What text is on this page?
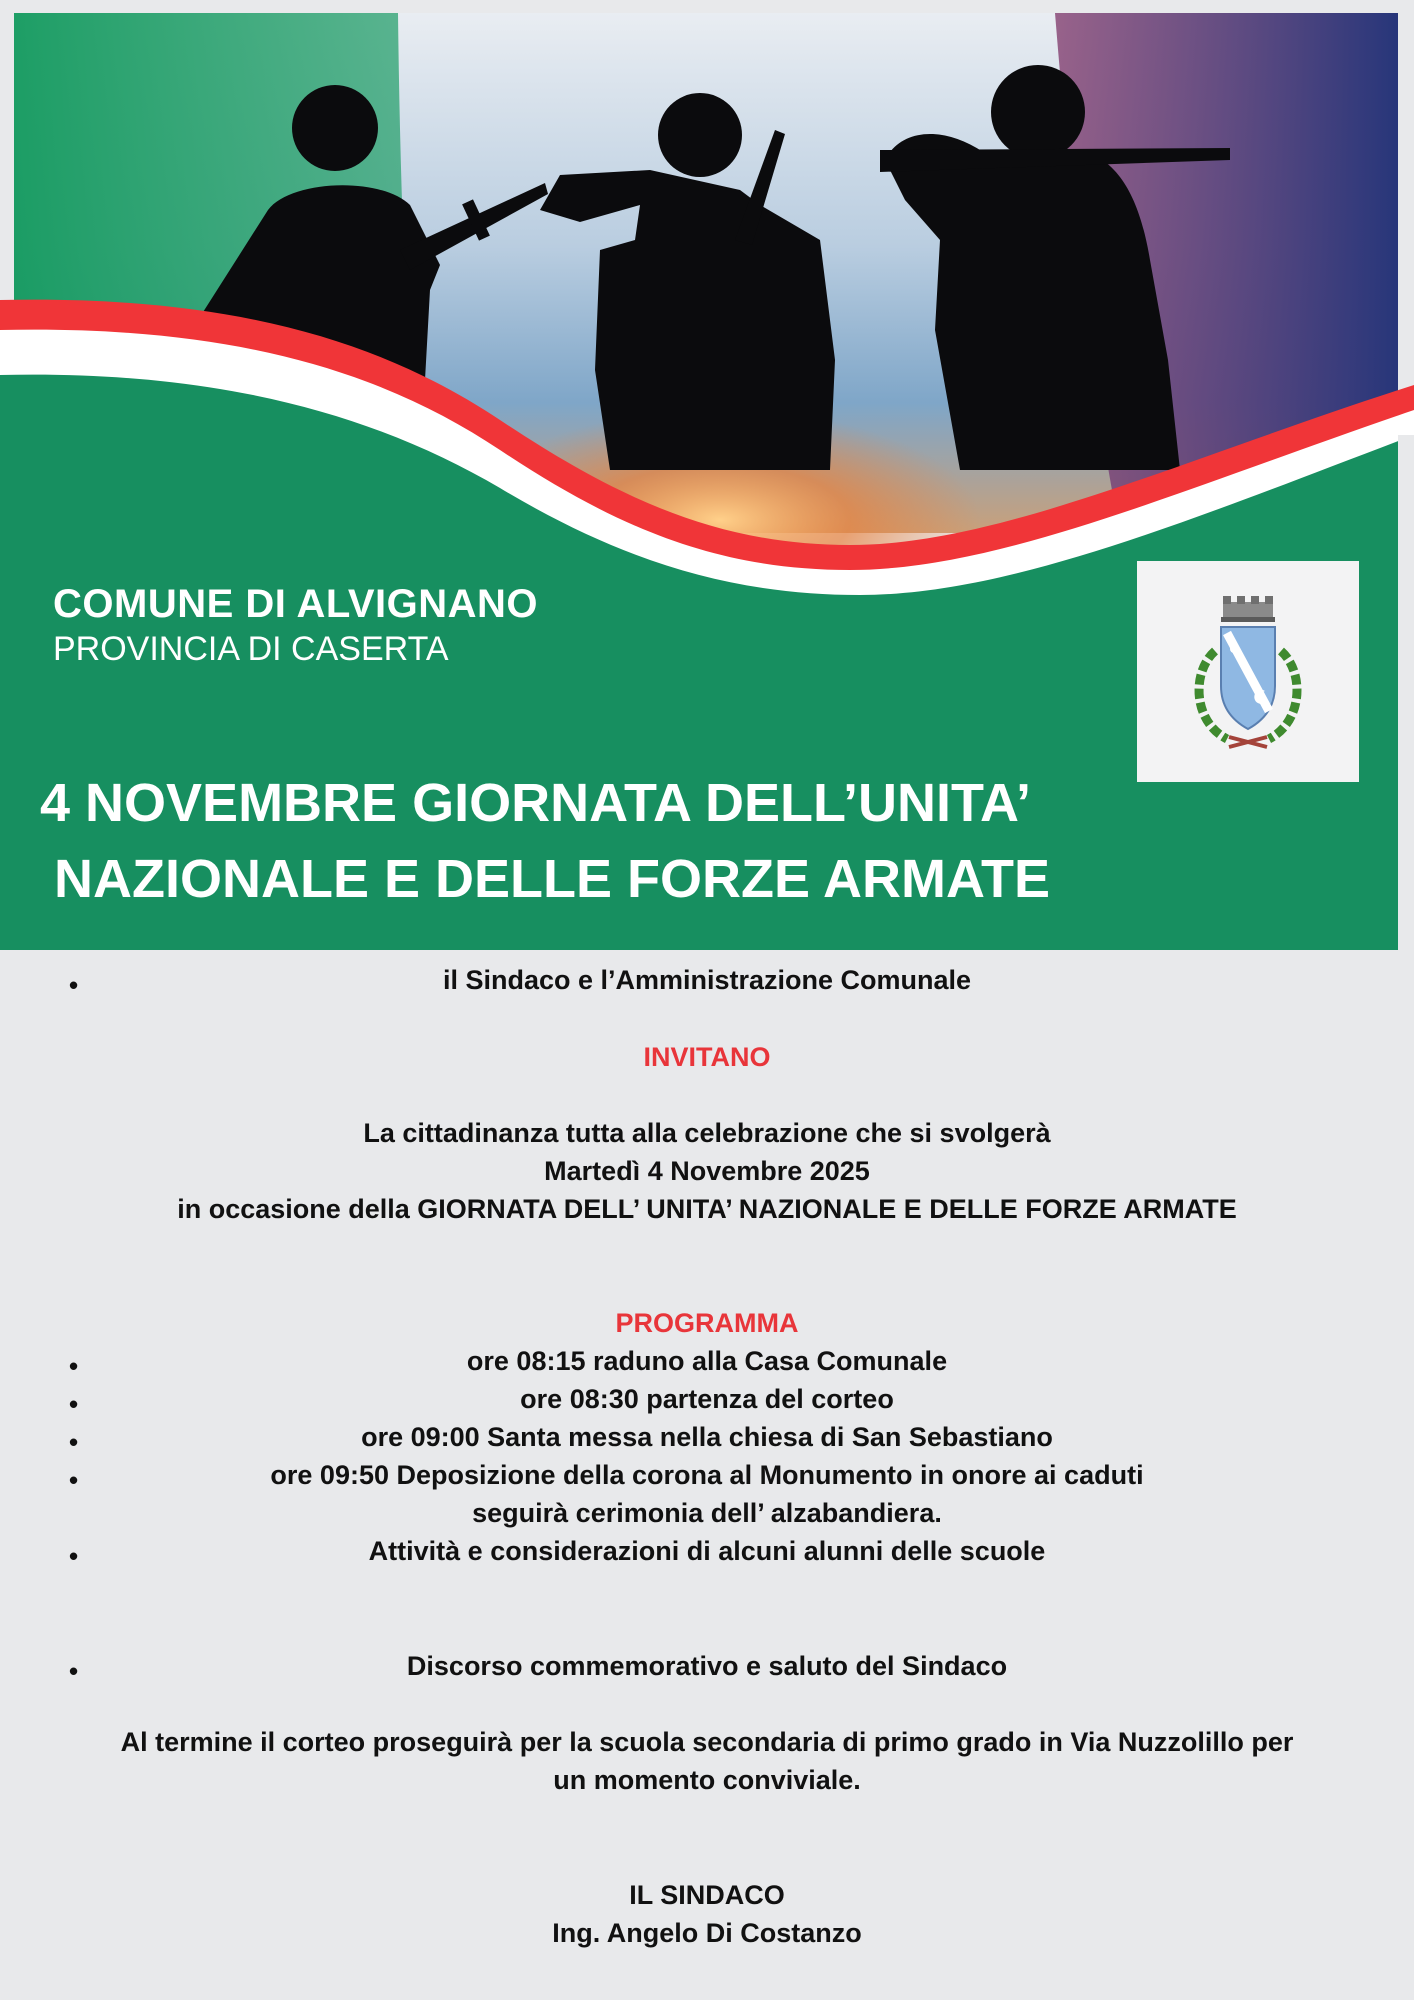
COMUNE DI ALVIGNANO
PROVINCIA DI CASERTA
4 NOVEMBRE GIORNATA DELL’UNITA’
NAZIONALE E DELLE FORZE ARMATE
•	il Sindaco e l’Amministrazione Comunale
INVITANO
La cittadinanza tutta alla celebrazione che si svolgerà
Martedì 4 Novembre 2025
in occasione della GIORNATA DELL’ UNITA’ NAZIONALE E DELLE FORZE ARMATE
PROGRAMMA
•	ore 08:15 raduno alla Casa Comunale
•	ore 08:30 partenza del corteo
•	ore 09:00 Santa messa nella chiesa di San Sebastiano
•	ore 09:50 Deposizione della corona al Monumento in onore ai caduti
seguirà cerimonia dell’ alzabandiera.
•	Attività e considerazioni di alcuni alunni delle scuole
•	Discorso commemorativo e saluto del Sindaco
Al termine il corteo proseguirà per la scuola secondaria di primo grado in Via Nuzzolillo per
un momento conviviale.
IL SINDACO
Ing. Angelo Di Costanzo
